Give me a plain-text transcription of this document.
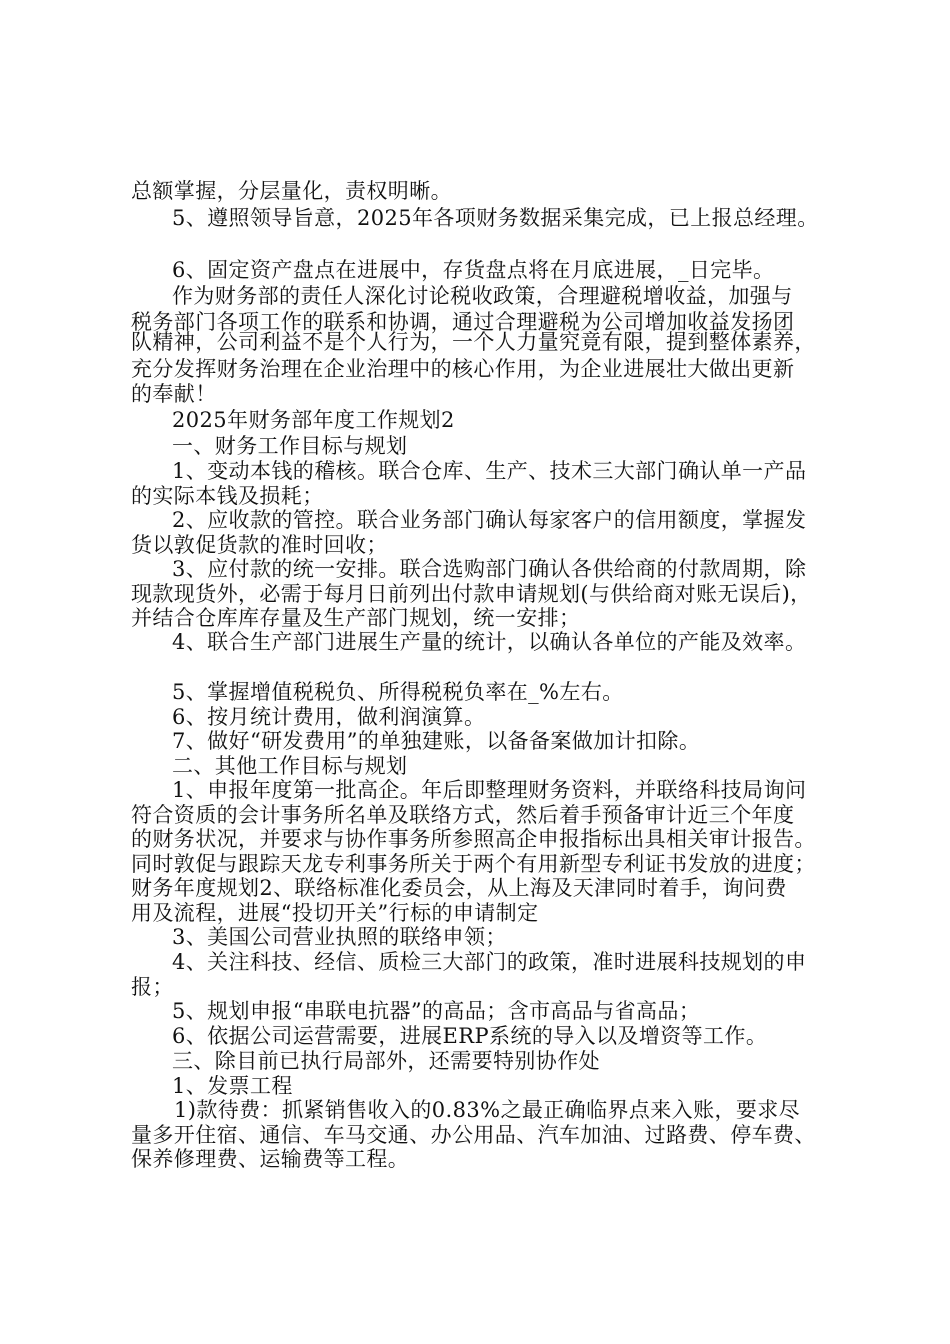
总额掌握，分层量化，责权明晰。
5、遵照领导旨意，2025年各项财务数据采集完成，已上报总经理。
6、固定资产盘点在进展中，存货盘点将在月底进展，_日完毕。
作为财务部的责任人深化讨论税收政策，合理避税增收益，加强与
税务部门各项工作的联系和协调，通过合理避税为公司增加收益发扬团
队精神，公司利益不是个人行为，一个人力量究竟有限，提到整体素养，
充分发挥财务治理在企业治理中的核心作用，为企业进展壮大做出更新
的奉献！
2025年财务部年度工作规划2
一、财务工作目标与规划
1、变动本钱的稽核。联合仓库、生产、技术三大部门确认单一产品
的实际本钱及损耗；
2、应收款的管控。联合业务部门确认每家客户的信用额度，掌握发
货以敦促货款的准时回收；
3、应付款的统一安排。联合选购部门确认各供给商的付款周期，除
现款现货外，必需于每月日前列出付款申请规划(与供给商对账无误后)，
并结合仓库库存量及生产部门规划，统一安排；
4、联合生产部门进展生产量的统计，以确认各单位的产能及效率。
5、掌握增值税税负、所得税税负率在_%左右。
6、按月统计费用，做利润演算。
7、做好“研发费用”的单独建账，以备备案做加计扣除。
二、其他工作目标与规划
1、申报年度第一批高企。年后即整理财务资料，并联络科技局询问
符合资质的会计事务所名单及联络方式，然后着手预备审计近三个年度
的财务状况，并要求与协作事务所参照高企申报指标出具相关审计报告。
同时敦促与跟踪天龙专利事务所关于两个有用新型专利证书发放的进度；
财务年度规划2、联络标准化委员会，从上海及天津同时着手，询问费
用及流程，进展“投切开关”行标的申请制定
3、美国公司营业执照的联络申领；
4、关注科技、经信、质检三大部门的政策，准时进展科技规划的申
报；
5、规划申报“串联电抗器”的高品；含市高品与省高品；
6、依据公司运营需要，进展ERP系统的导入以及增资等工作。
三、除目前已执行局部外，还需要特别协作处
1、发票工程
1)款待费：抓紧销售收入的0.83%之最正确临界点来入账，要求尽
量多开住宿、通信、车马交通、办公用品、汽车加油、过路费、停车费、
保养修理费、运输费等工程。
